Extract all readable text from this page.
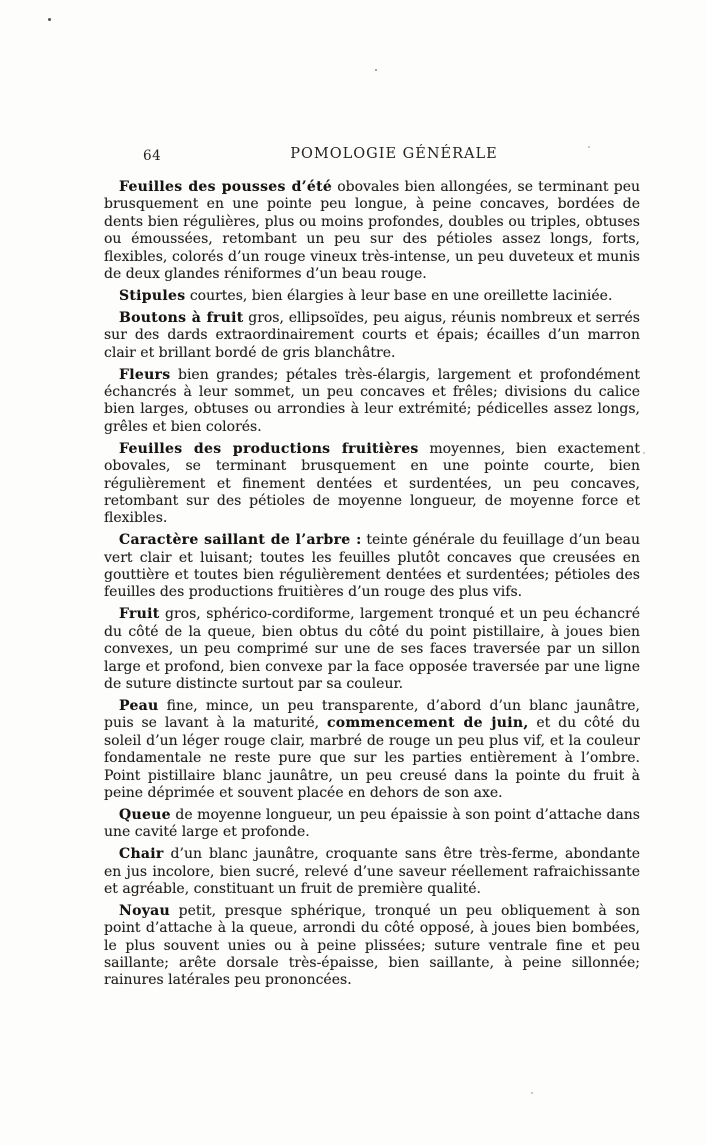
64	POMOLOGIE GÉNÉRALE

Feuilles des pousses d’été obovales bien allongées, se terminant peu brusquement en une pointe peu longue, à peine concaves, bordées de dents bien régulières, plus ou moins profondes, doubles ou triples, obtuses ou émoussées, retombant un peu sur des pétioles assez longs, forts, flexibles, colorés d’un rouge vineux très-intense, un peu duveteux et munis de deux glandes réniformes d’un beau rouge.

Stipules courtes, bien élargies à leur base en une oreillette laciniée.

Boutons à fruit gros, ellipsoïdes, peu aigus, réunis nombreux et serrés sur des dards extraordinairement courts et épais; écailles d’un marron clair et brillant bordé de gris blanchâtre.

Fleurs bien grandes; pétales très-élargis, largement et profondément échancrés à leur sommet, un peu concaves et frêles; divisions du calice bien larges, obtuses ou arrondies à leur extrémité; pédicelles assez longs, grêles et bien colorés.

Feuilles des productions fruitières moyennes, bien exactement obovales, se terminant brusquement en une pointe courte, bien régulièrement et finement dentées et surdentées, un peu concaves, retombant sur des pétioles de moyenne longueur, de moyenne force et flexibles.

Caractère saillant de l’arbre : teinte générale du feuillage d’un beau vert clair et luisant; toutes les feuilles plutôt concaves que creusées en gouttière et toutes bien régulièrement dentées et surdentées; pétioles des feuilles des productions fruitières d’un rouge des plus vifs.

Fruit gros, sphérico-cordiforme, largement tronqué et un peu échancré du côté de la queue, bien obtus du côté du point pistillaire, à joues bien convexes, un peu comprimé sur une de ses faces traversée par un sillon large et profond, bien convexe par la face opposée traversée par une ligne de suture distincte surtout par sa couleur.

Peau fine, mince, un peu transparente, d’abord d’un blanc jaunâtre, puis se lavant à la maturité, commencement de juin, et du côté du soleil d’un léger rouge clair, marbré de rouge un peu plus vif, et la couleur fondamentale ne reste pure que sur les parties entièrement à l’ombre. Point pistillaire blanc jaunâtre, un peu creusé dans la pointe du fruit à peine déprimée et souvent placée en dehors de son axe.

Queue de moyenne longueur, un peu épaissie à son point d’attache dans une cavité large et profonde.

Chair d’un blanc jaunâtre, croquante sans être très-ferme, abondante en jus incolore, bien sucré, relevé d’une saveur réellement rafraichissante et agréable, constituant un fruit de première qualité.

Noyau petit, presque sphérique, tronqué un peu obliquement à son point d’attache à la queue, arrondi du côté opposé, à joues bien bombées, le plus souvent unies ou à peine plissées; suture ventrale fine et peu saillante; arête dorsale très-épaisse, bien saillante, à peine sillonnée; rainures latérales peu prononcées.
